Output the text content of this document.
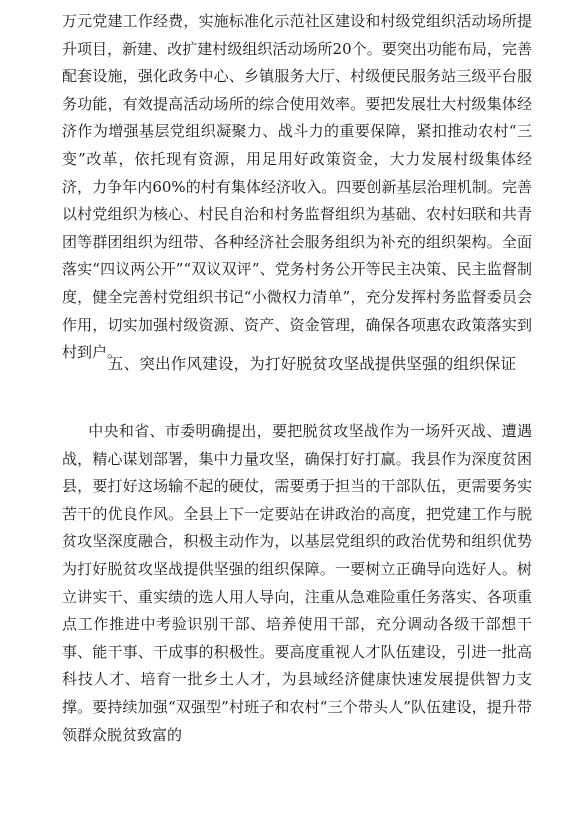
万元党建工作经费，实施标准化示范社区建设和村级党组织活动场所提升项目，新建、改扩建村级组织活动场所20个。要突出功能布局，完善配套设施，强化政务中心、乡镇服务大厅、村级便民服务站三级平台服务功能，有效提高活动场所的综合使用效率。要把发展壮大村级集体经济作为增强基层党组织凝聚力、战斗力的重要保障，紧扣推动农村“三变”改革，依托现有资源，用足用好政策资金，大力发展村级集体经济，力争年内60%的村有集体经济收入。四要创新基层治理机制。完善以村党组织为核心、村民自治和村务监督组织为基础、农村妇联和共青团等群团组织为纽带、各种经济社会服务组织为补充的组织架构。全面落实“四议两公开”“双议双评”、党务村务公开等民主决策、民主监督制度，健全完善村党组织书记“小微权力清单”，充分发挥村务监督委员会作用，切实加强村级资源、资产、资金管理，确保各项惠农政策落实到村到户。

五、突出作风建设，为打好脱贫攻坚战提供坚强的组织保证

中央和省、市委明确提出，要把脱贫攻坚战作为一场歼灭战、遭遇战，精心谋划部署，集中力量攻坚，确保打好打赢。我县作为深度贫困县，要打好这场输不起的硬仗，需要勇于担当的干部队伍，更需要务实苦干的优良作风。全县上下一定要站在讲政治的高度，把党建工作与脱贫攻坚深度融合，积极主动作为，以基层党组织的政治优势和组织优势为打好脱贫攻坚战提供坚强的组织保障。一要树立正确导向选好人。树立讲实干、重实绩的选人用人导向，注重从急难险重任务落实、各项重点工作推进中考验识别干部、培养使用干部，充分调动各级干部想干事、能干事、干成事的积极性。要高度重视人才队伍建设，引进一批高科技人才、培育一批乡土人才，为县域经济健康快速发展提供智力支撑。要持续加强“双强型”村班子和农村“三个带头人”队伍建设，提升带领群众脱贫致富的
